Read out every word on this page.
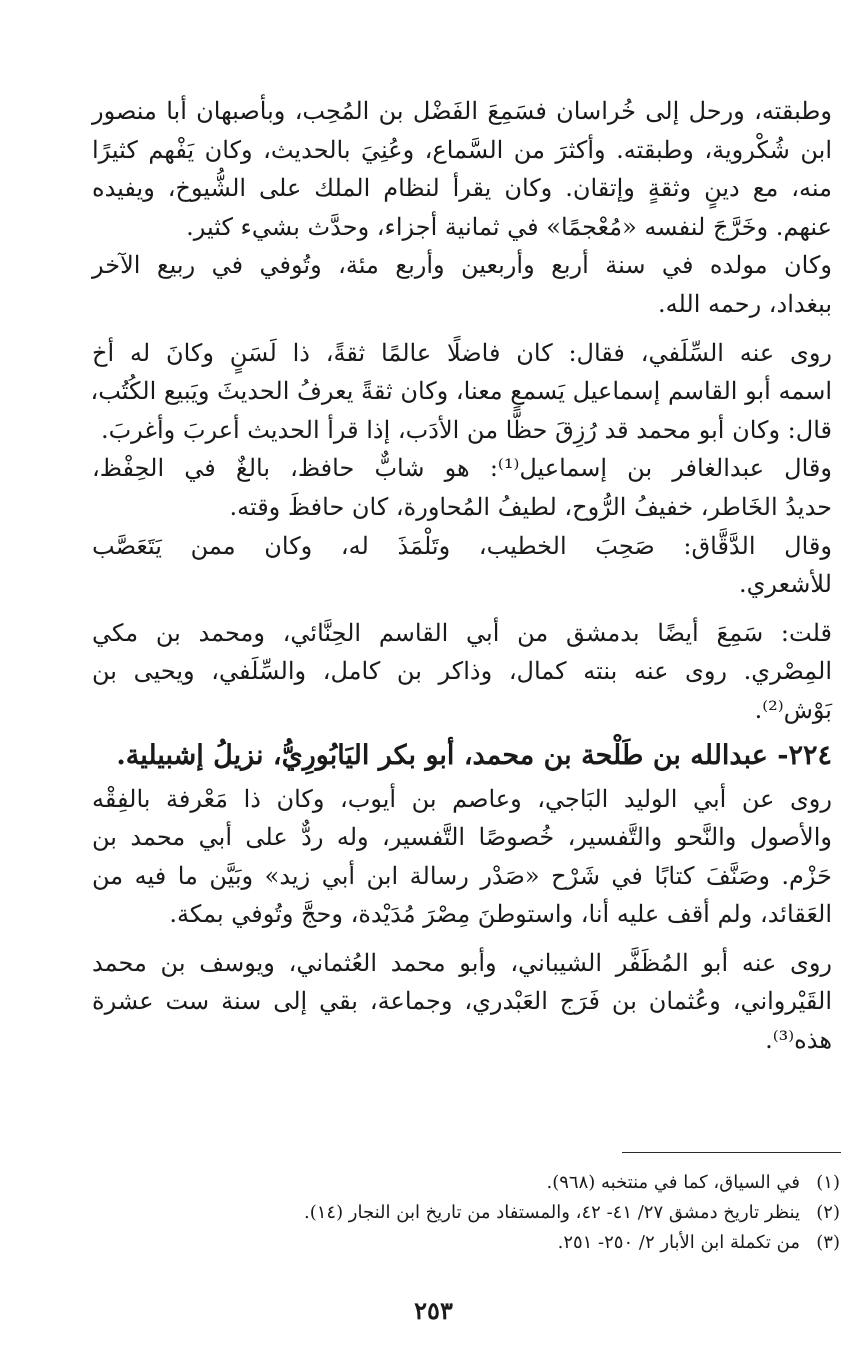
وطبقته، ورحل إلى خُراسان فسَمِعَ الفَضْل بن المُحِب، وبأصبهان أبا منصور
ابن شُكْروية، وطبقته. وأكثرَ من السَّماع، وعُنِيَ بالحديث، وكان يَفْهم كثيرًا
منه، مع دينٍ وثقةٍ وإتقان. وكان يقرأ لنظام الملك على الشُّيوخ، ويفيده
عنهم. وخَرَّجَ لنفسه «مُعْجمًا» في ثمانية أجزاء، وحدَّث بشيء كثير.
وكان مولده في سنة أربع وأربعين وأربع مئة، وتُوفي في ربيع الآخر
ببغداد، رحمه الله.
روى عنه السِّلَفي، فقال: كان فاضلًا عالمًا ثقةً، ذا لَسَنٍ وكانَ له أخ
اسمه أبو القاسم إسماعيل يَسمع معنا، وكان ثقةً يعرفُ الحديثَ ويَبيع الكُتُب،
قال: وكان أبو محمد قد رُزِقَ حظًّا من الأدَب، إذا قرأ الحديث أعربَ وأغربَ.
وقال عبدالغافر بن إسماعيل⁽¹⁾: هو شابٌّ حافظ، بالغٌ في الحِفْظ،
حديدُ الخَاطر، خفيفُ الرُّوح، لطيفُ المُحاورة، كان حافظَ وقته.
وقال الدَّقَّاق: صَحِبَ الخطيب، وتَلْمَذَ له، وكان ممن يَتَعَصَّب
للأشعري.
قلت: سَمِعَ أيضًا بدمشق من أبي القاسم الحِنَّائي، ومحمد بن مكي
المِصْري. روى عنه بنته كمال، وذاكر بن كامل، والسِّلَفي، ويحيى بن
بَوْش⁽²⁾.
٢٢٤- عبدالله بن طَلْحة بن محمد، أبو بكر اليَابُورِيُّ، نزيلُ إشبيلية.
روى عن أبي الوليد البَاجي، وعاصم بن أيوب، وكان ذا مَعْرفة بالفِقْه
والأصول والنَّحو والتَّفسير، خُصوصًا التَّفسير، وله ردٌّ على أبي محمد بن
حَزْم. وصَنَّفَ كتابًا في شَرْح «صَدْر رسالة ابن أبي زيد» وبَيَّن ما فيه من
العَقائد، ولم أقف عليه أنا، واستوطنَ مِصْرَ مُدَيْدة، وحجَّ وتُوفي بمكة.
روى عنه أبو المُظَفَّر الشيباني، وأبو محمد العُثماني، ويوسف بن محمد
القَيْرواني، وعُثمان بن فَرَج العَبْدري، وجماعة، بقي إلى سنة ست عشرة
هذه⁽³⁾.
(١)في السياق، كما في منتخبه (٩٦٨).
(٢)ينظر تاريخ دمشق ٢٧/ ٤١- ٤٢، والمستفاد من تاريخ ابن النجار (١٤).
(٣)من تكملة ابن الأبار ٢/ ٢٥٠- ٢٥١.
٢٥٣
